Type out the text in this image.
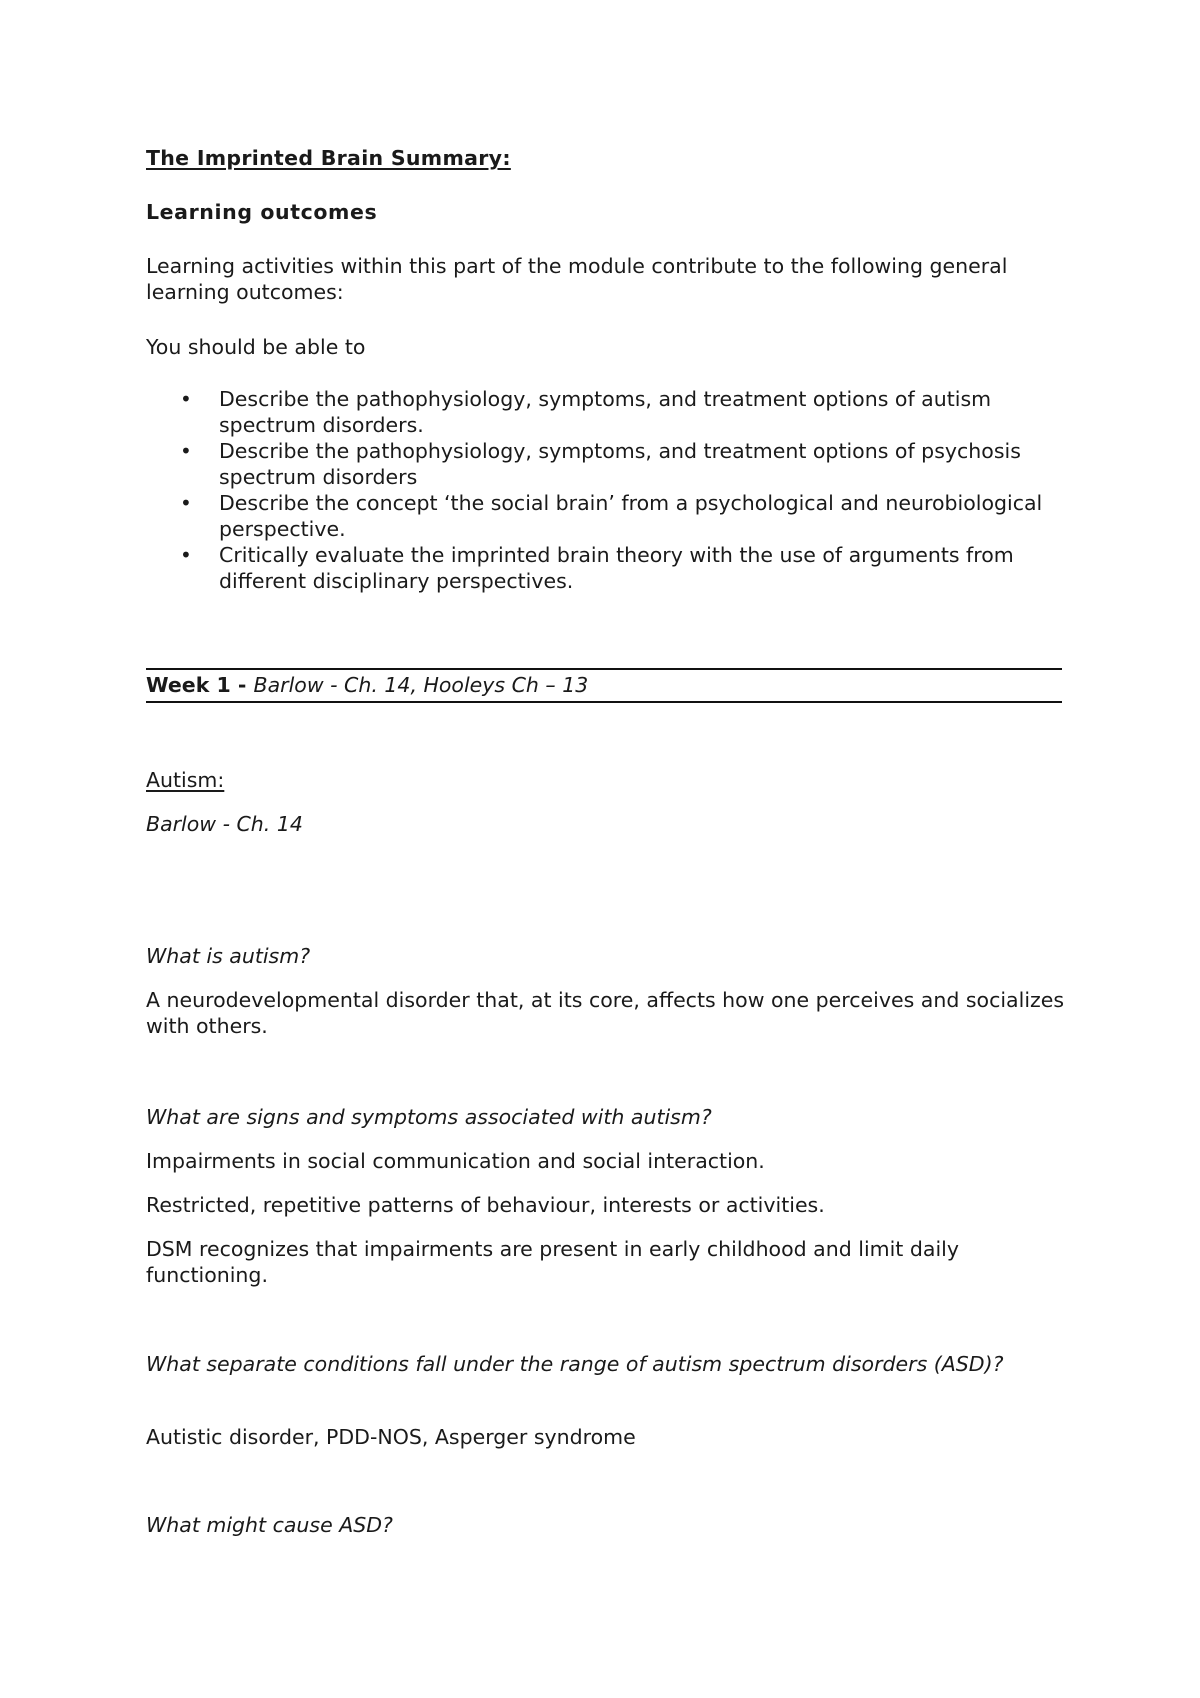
The Imprinted Brain Summary:

Learning outcomes

Learning activities within this part of the module contribute to the following general learning outcomes:

You should be able to

• Describe the pathophysiology, symptoms, and treatment options of autism spectrum disorders.
• Describe the pathophysiology, symptoms, and treatment options of psychosis spectrum disorders
• Describe the concept ‘the social brain’ from a psychological and neurobiological perspective.
• Critically evaluate the imprinted brain theory with the use of arguments from different disciplinary perspectives.
Week 1 - Barlow - Ch. 14, Hooleys Ch – 13

Autism:

Barlow - Ch. 14

What is autism?

A neurodevelopmental disorder that, at its core, affects how one perceives and socializes with others.

What are signs and symptoms associated with autism?

Impairments in social communication and social interaction.

Restricted, repetitive patterns of behaviour, interests or activities.

DSM recognizes that impairments are present in early childhood and limit daily functioning.

What separate conditions fall under the range of autism spectrum disorders (ASD)?

Autistic disorder, PDD-NOS, Asperger syndrome

What might cause ASD?
